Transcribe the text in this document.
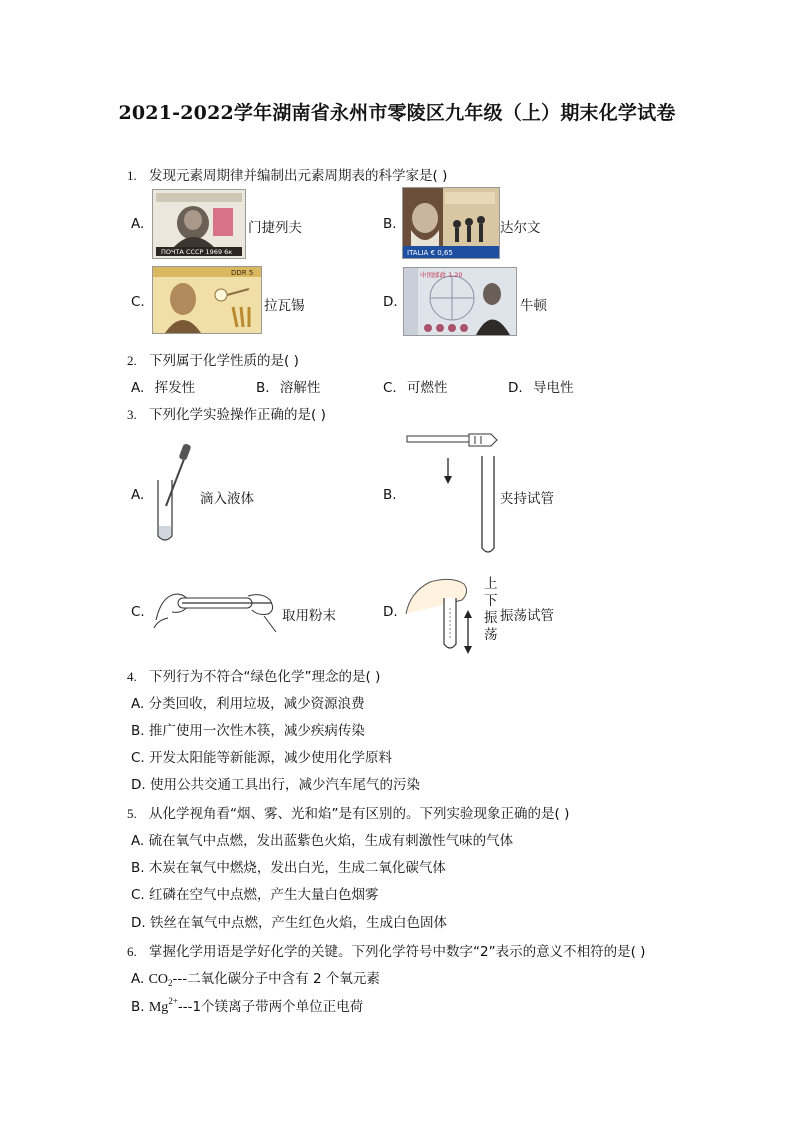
2021-2022学年湖南省永州市零陵区九年级（上）期末化学试卷
1. 发现元素周期律并编制出元素周期表的科学家是( )
A.
ПОЧТА СССР 1969 6к
门捷列夫	B.
ITALIA € 0,65
达尔文
C.
DDR 5
拉瓦锡	D.
中国邮政 1.20
牛顿
2. 下列属于化学性质的是( )
A. 挥发性	B. 溶解性	C. 可燃性	D. 导电性
3. 下列化学实验操作正确的是( )
A.	滴入液体	B.	夹持试管
C.	取用粉末	D.
上
下
振
荡
振荡试管
4. 下列行为不符合“绿色化学”理念的是( )
A. 分类回收，利用垃圾，减少资源浪费
B. 推广使用一次性木筷，减少疾病传染
C. 开发太阳能等新能源，减少使用化学原料
D. 使用公共交通工具出行，减少汽车尾气的污染
5. 从化学视角看“烟、雾、光和焰”是有区别的。下列实验现象正确的是( )
A. 硫在氧气中点燃，发出蓝紫色火焰，生成有刺激性气味的气体
B. 木炭在氧气中燃烧，发出白光，生成二氧化碳气体
C. 红磷在空气中点燃，产生大量白色烟雾
D. 铁丝在氧气中点燃，产生红色火焰，生成白色固体
6. 掌握化学用语是学好化学的关键。下列化学符号中数字“2”表示的意义不相符的是( )
A. $CO_2---$二氧化碳分子中含有 2 个氧元素
B. $Mg^{2+}---1$个镁离子带两个单位正电荷
